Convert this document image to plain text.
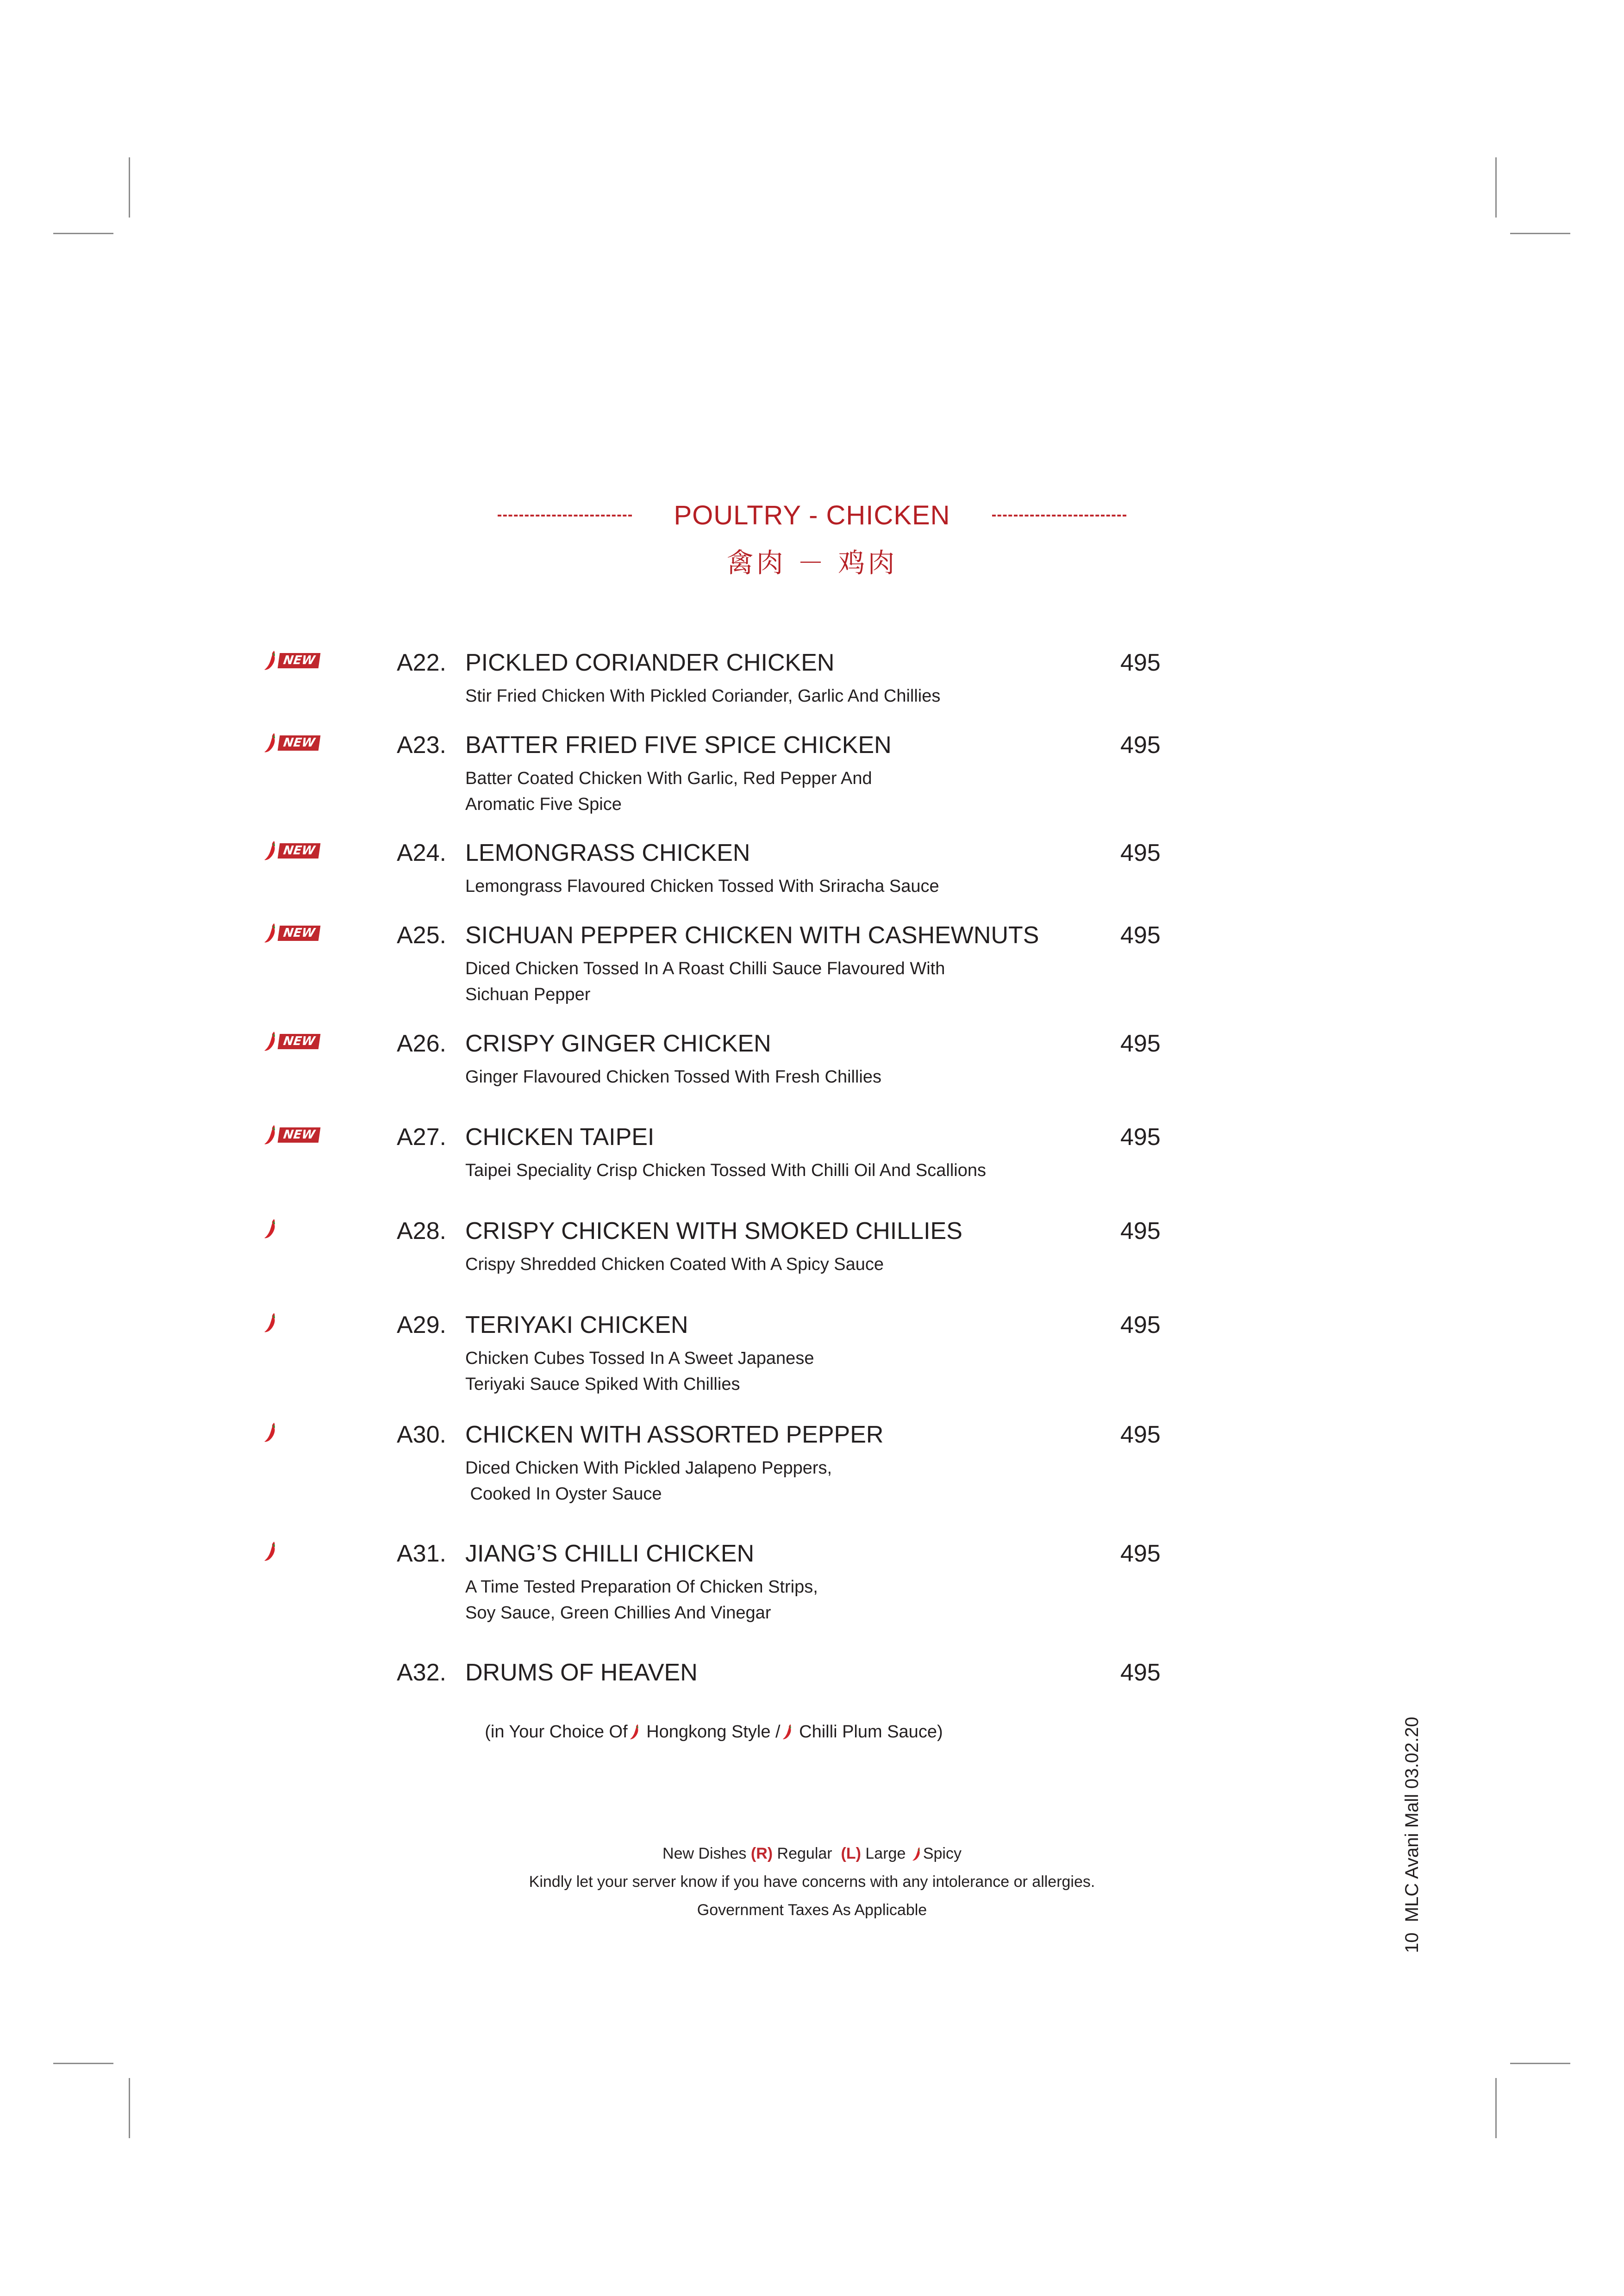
POULTRY - CHICKEN
禽肉 － 鸡肉
NEW	A22. PICKLED CORIANDER CHICKEN	495
Stir Fried Chicken With Pickled Coriander, Garlic And Chillies
NEW	A23. BATTER FRIED FIVE SPICE CHICKEN	495
Batter Coated Chicken With Garlic, Red Pepper And
Aromatic Five Spice
NEW	A24. LEMONGRASS CHICKEN	495
Lemongrass Flavoured Chicken Tossed With Sriracha Sauce
NEW	A25. SICHUAN PEPPER CHICKEN WITH CASHEWNUTS	495
Diced Chicken Tossed In A Roast Chilli Sauce Flavoured With
Sichuan Pepper
NEW	A26. CRISPY GINGER CHICKEN	495
Ginger Flavoured Chicken Tossed With Fresh Chillies
NEW	A27. CHICKEN TAIPEI	495
Taipei Speciality Crisp Chicken Tossed With Chilli Oil And Scallions
A28. CRISPY CHICKEN WITH SMOKED CHILLIES	495
Crispy Shredded Chicken Coated With A Spicy Sauce
A29. TERIYAKI CHICKEN	495
Chicken Cubes Tossed In A Sweet Japanese
Teriyaki Sauce Spiked With Chillies
A30. CHICKEN WITH ASSORTED PEPPER	495
Diced Chicken With Pickled Jalapeno Peppers,
Cooked In Oyster Sauce
A31. JIANG’S CHILLI CHICKEN	495
A Time Tested Preparation Of Chicken Strips,
Soy Sauce, Green Chillies And Vinegar
A32. DRUMS OF HEAVEN	495

(in Your Choice Of Hongkong Style / Chilli Plum Sauce)

New Dishes (R) Regular (L) Large Spicy
Kindly let your server know if you have concerns with any intolerance or allergies.
Government Taxes As Applicable	10  MLC Avani Mall 03.02.20
